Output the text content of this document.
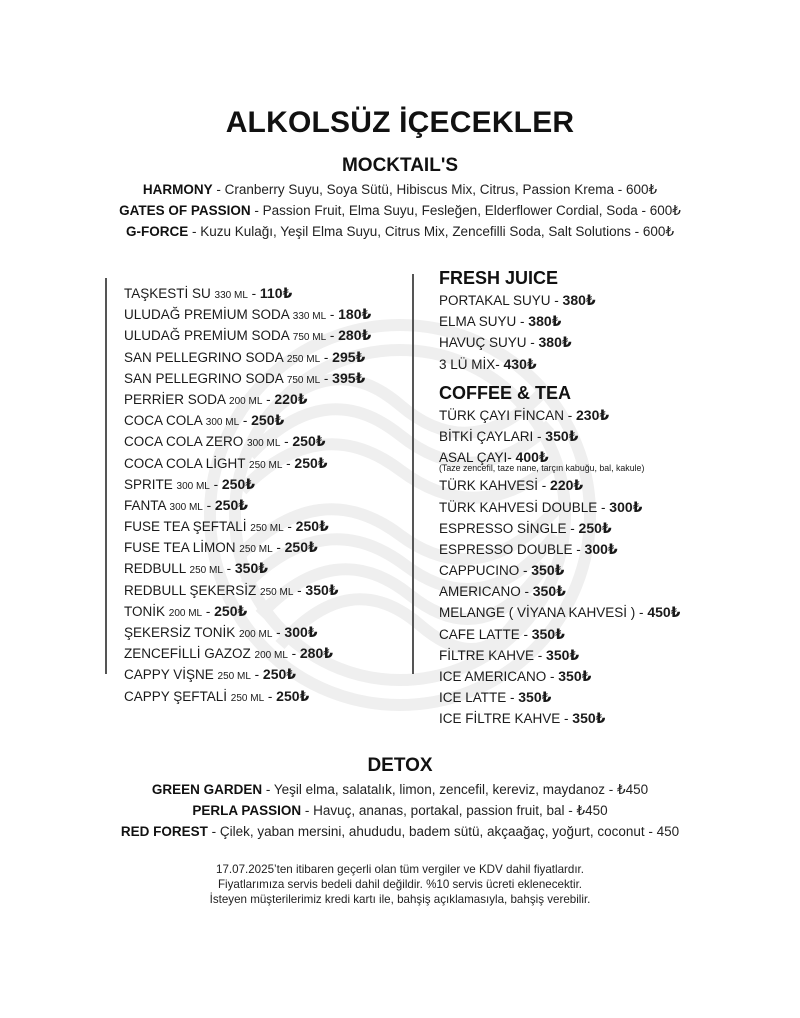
ALKOLSÜZ İÇECEKLER
MOCKTAIL'S
HARMONY - Cranberry Suyu, Soya Sütü, Hibiscus Mix, Citrus, Passion Krema - 600₺
GATES OF PASSION - Passion Fruit, Elma Suyu, Fesleğen, Elderflower Cordial, Soda - 600₺
G-FORCE - Kuzu Kulağı, Yeşil Elma Suyu, Citrus Mix, Zencefilli Soda, Salt Solutions - 600₺
TAŞKESTİ SU 330 ML - 110₺
ULUDAĞ PREMİUM SODA 330 ML - 180₺
ULUDAĞ PREMİUM SODA 750 ML - 280₺
SAN PELLEGRINO SODA 250 ML - 295₺
SAN PELLEGRINO SODA 750 ML - 395₺
PERRİER SODA 200 ML - 220₺
COCA COLA 300 ML - 250₺
COCA COLA ZERO 300 ML - 250₺
COCA COLA LİGHT 250 ML - 250₺
SPRITE 300 ML - 250₺
FANTA 300 ML - 250₺
FUSE TEA ŞEFTALİ 250 ML - 250₺
FUSE TEA LİMON 250 ML - 250₺
REDBULL 250 ML - 350₺
REDBULL ŞEKERSİZ 250 ML - 350₺
TONİK 200 ML - 250₺
ŞEKERSİZ TONİK 200 ML - 300₺
ZENCEFİLLİ GAZOZ 200 ML - 280₺
CAPPY VİŞNE 250 ML - 250₺
CAPPY ŞEFTALİ 250 ML - 250₺
FRESH JUICE
PORTAKAL SUYU - 380₺
ELMA SUYU - 380₺
HAVUÇ SUYU - 380₺
3 LÜ MİX- 430₺
COFFEE & TEA
TÜRK ÇAYI FİNCAN - 230₺
BİTKİ ÇAYLARI - 350₺
ASAL ÇAYI- 400₺
(Taze zencefil, taze nane, tarçın kabuğu, bal, kakule)
TÜRK KAHVESİ - 220₺
TÜRK KAHVESİ DOUBLE - 300₺
ESPRESSO SİNGLE - 250₺
ESPRESSO DOUBLE - 300₺
CAPPUCINO - 350₺
AMERICANO - 350₺
MELANGE ( VİYANA KAHVESİ ) - 450₺
CAFE LATTE - 350₺
FİLTRE KAHVE - 350₺
ICE AMERICANO - 350₺
ICE LATTE - 350₺
ICE FİLTRE KAHVE - 350₺
DETOX
GREEN GARDEN - Yeşil elma, salatalık, limon, zencefil, kereviz, maydanoz - ₺450
PERLA PASSION - Havuç, ananas, portakal, passion fruit, bal - ₺450
RED FOREST - Çilek, yaban mersini, ahududu, badem sütü, akçaağaç, yoğurt, coconut - 450
17.07.2025’ten itibaren geçerli olan tüm vergiler ve KDV dahil fiyatlardır.
Fiyatlarımıza servis bedeli dahil değildir. %10 servis ücreti eklenecektir.
İsteyen müşterilerimiz kredi kartı ile, bahşiş açıklamasıyla, bahşiş verebilir.
